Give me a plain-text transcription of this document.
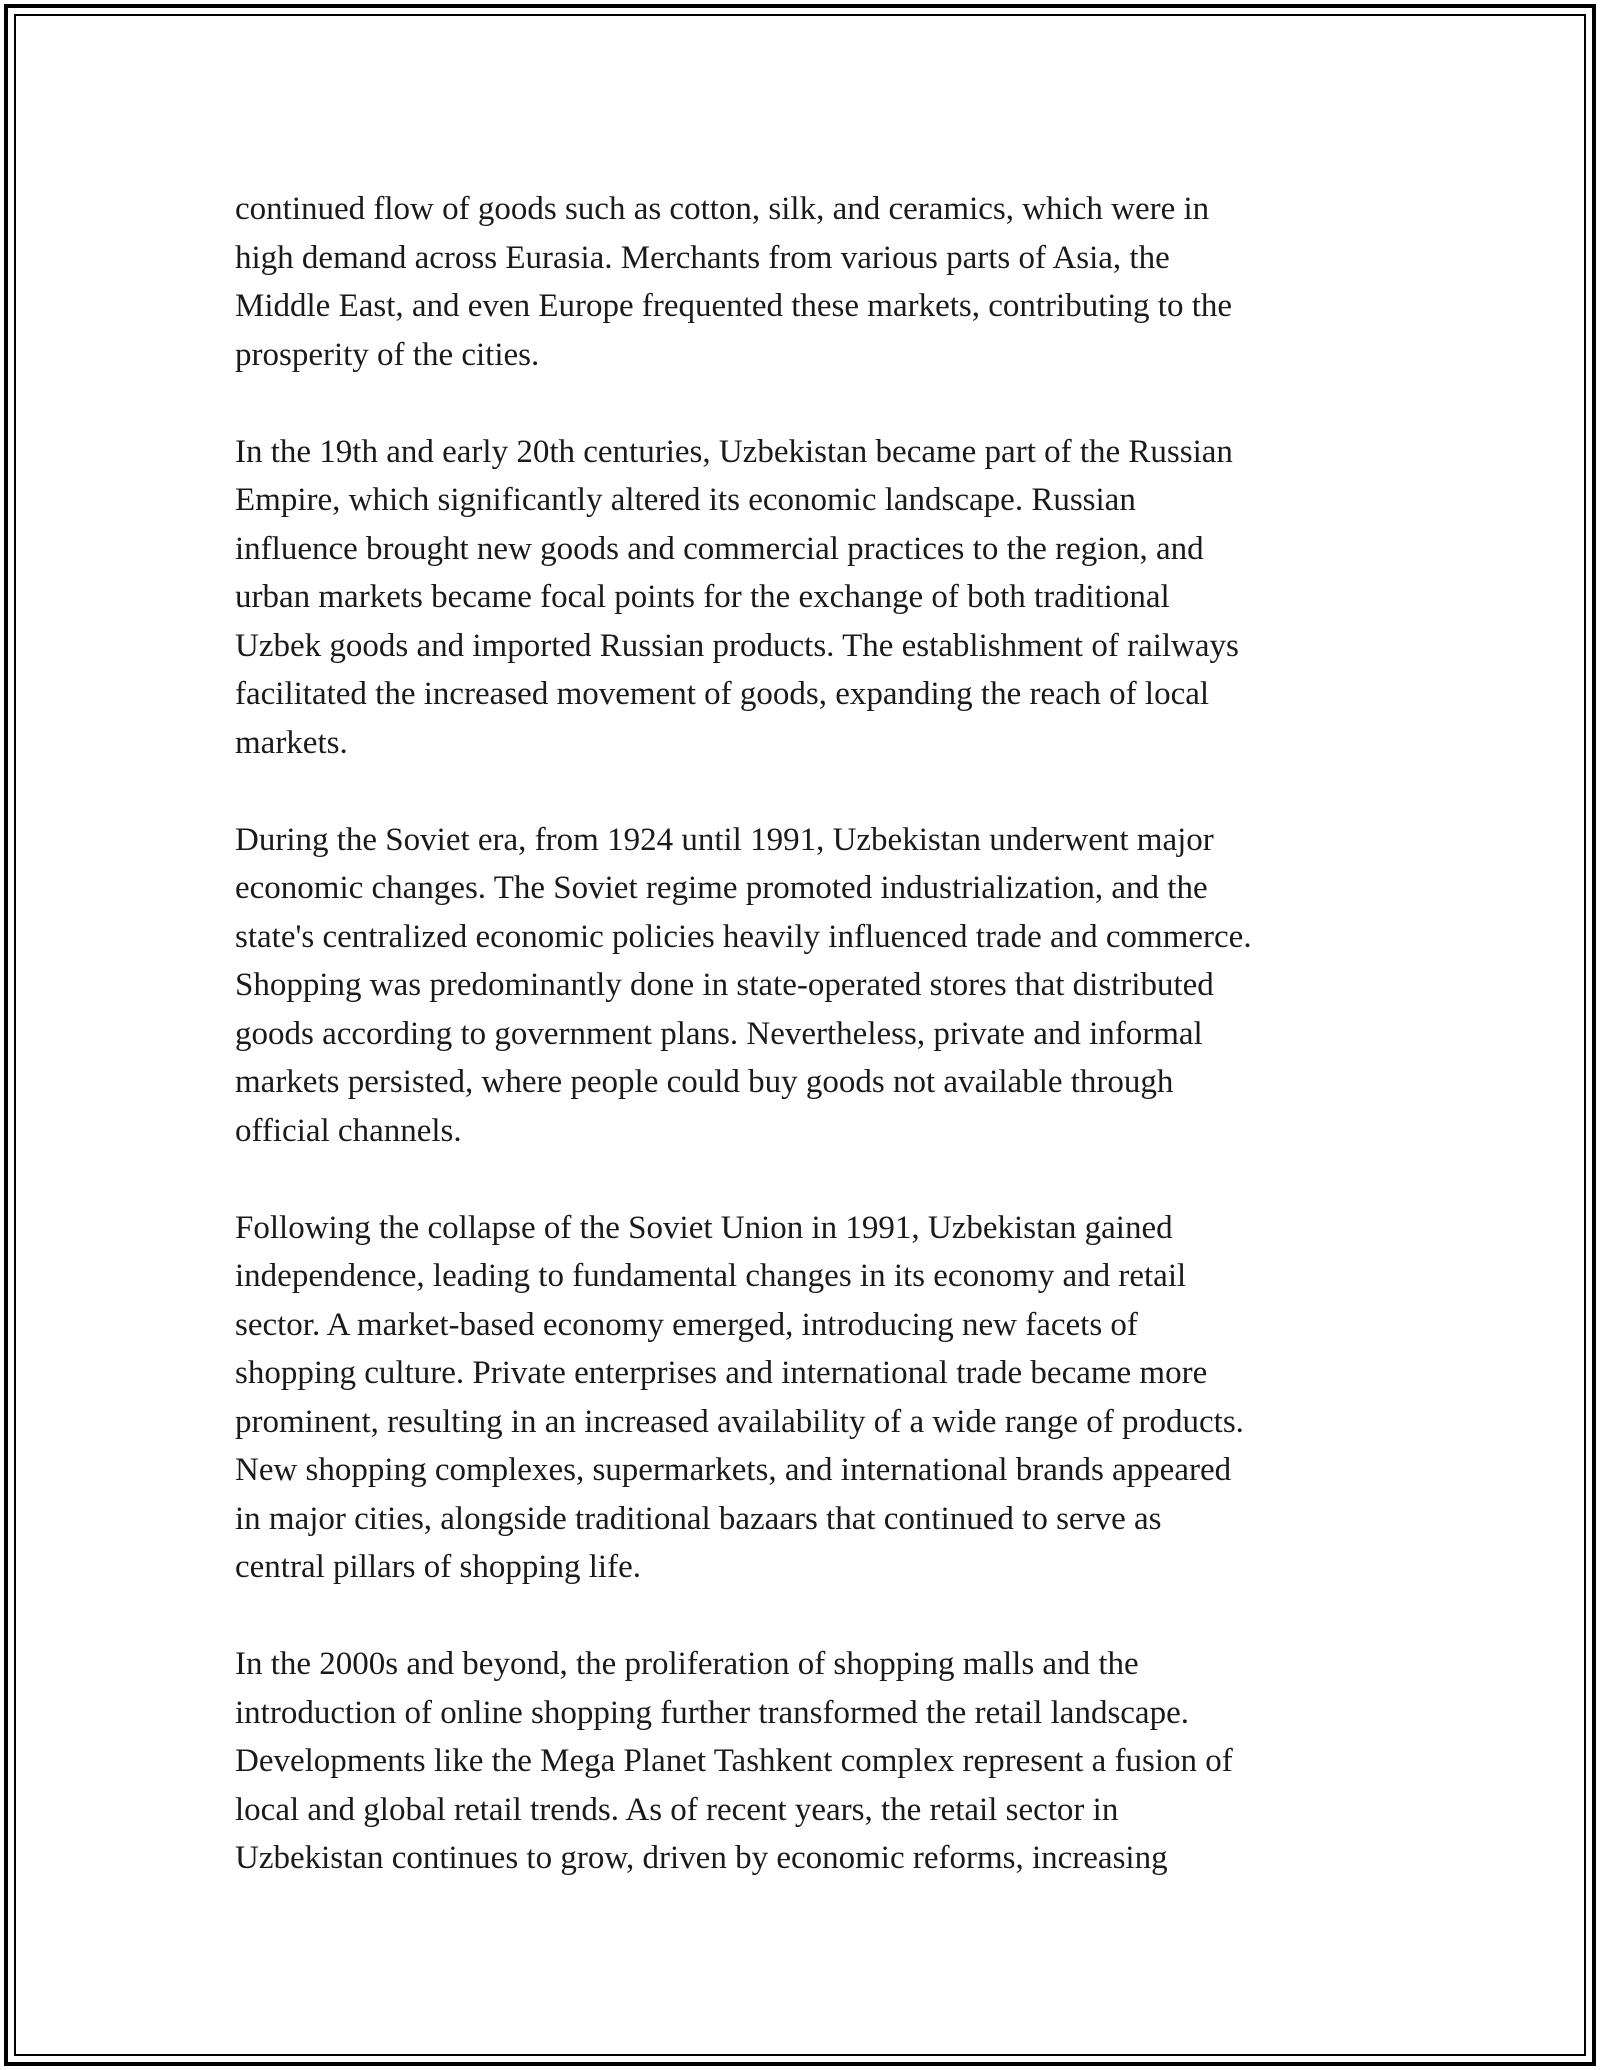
continued flow of goods such as cotton, silk, and ceramics, which were in
high demand across Eurasia. Merchants from various parts of Asia, the
Middle East, and even Europe frequented these markets, contributing to the
prosperity of the cities.

In the 19th and early 20th centuries, Uzbekistan became part of the Russian
Empire, which significantly altered its economic landscape. Russian
influence brought new goods and commercial practices to the region, and
urban markets became focal points for the exchange of both traditional
Uzbek goods and imported Russian products. The establishment of railways
facilitated the increased movement of goods, expanding the reach of local
markets.

During the Soviet era, from 1924 until 1991, Uzbekistan underwent major
economic changes. The Soviet regime promoted industrialization, and the
state's centralized economic policies heavily influenced trade and commerce.
Shopping was predominantly done in state-operated stores that distributed
goods according to government plans. Nevertheless, private and informal
markets persisted, where people could buy goods not available through
official channels.

Following the collapse of the Soviet Union in 1991, Uzbekistan gained
independence, leading to fundamental changes in its economy and retail
sector. A market-based economy emerged, introducing new facets of
shopping culture. Private enterprises and international trade became more
prominent, resulting in an increased availability of a wide range of products.
New shopping complexes, supermarkets, and international brands appeared
in major cities, alongside traditional bazaars that continued to serve as
central pillars of shopping life.

In the 2000s and beyond, the proliferation of shopping malls and the
introduction of online shopping further transformed the retail landscape.
Developments like the Mega Planet Tashkent complex represent a fusion of
local and global retail trends. As of recent years, the retail sector in
Uzbekistan continues to grow, driven by economic reforms, increasing
